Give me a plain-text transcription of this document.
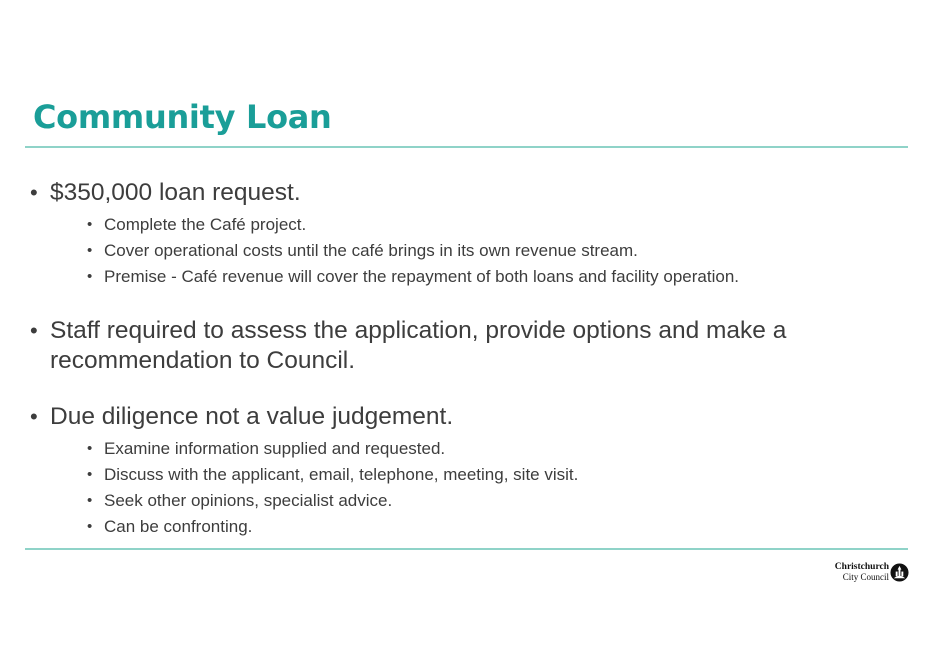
Community Loan
• $350,000 loan request.
• Complete the Café project.
• Cover operational costs until the café brings in its own revenue stream.
• Premise - Café revenue will cover the repayment of both loans and facility operation.
• Staff required to assess the application, provide options and make a recommendation to Council.
• Due diligence not a value judgement.
• Examine information supplied and requested.
• Discuss with the applicant, email, telephone, meeting, site visit.
• Seek other opinions, specialist advice.
• Can be confronting.
Christchurch
City Council
